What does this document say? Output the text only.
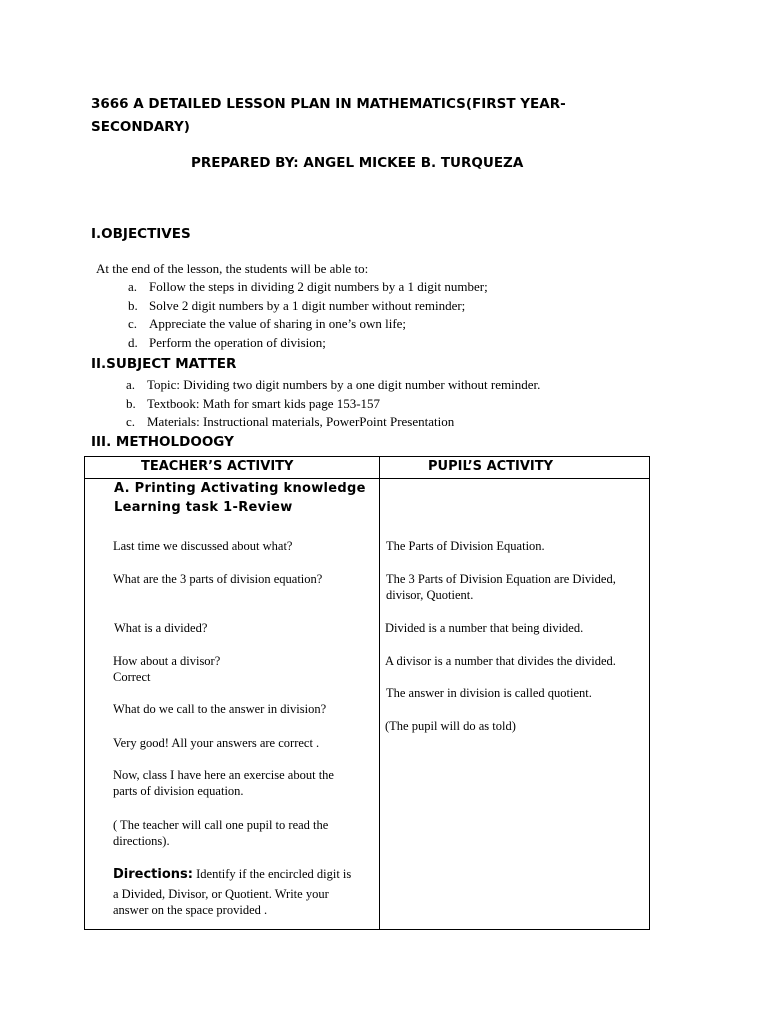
3666 A DETAILED LESSON PLAN IN MATHEMATICS(FIRST YEAR-
SECONDARY)
PREPARED BY: ANGEL MICKEE B. TURQUEZA
I.OBJECTIVES
At the end of the lesson, the students will be able to:
a. Follow the steps in dividing 2 digit numbers by a 1 digit number;
b. Solve 2 digit numbers by a 1 digit number without reminder;
c. Appreciate the value of sharing in one’s own life;
d. Perform the operation of division;
II.SUBJECT MATTER
a. Topic: Dividing two digit numbers by a one digit number without reminder.
b. Textbook: Math for smart kids page 153-157
c. Materials: Instructional materials, PowerPoint Presentation
III. METHOLDOOGY
TEACHER’S ACTIVITY	PUPIL’S ACTIVITY
A. Printing Activating knowledge
Learning task 1-Review
Last time we discussed about what?
What are the 3 parts of division equation?
What is a divided?
How about a divisor?
Correct
What do we call to the answer in division?
Very good! All your answers are correct .
Now, class I have here an exercise about the
parts of division equation.
( The teacher will call one pupil to read the
directions).
Directions: Identify if the encircled digit is
a Divided, Divisor, or Quotient. Write your
answer on the space provided .
The Parts of Division Equation.
The 3 Parts of Division Equation are Divided,
divisor, Quotient.
Divided is a number that being divided.
A divisor is a number that divides the divided.
The answer in division is called quotient.
(The pupil will do as told)
